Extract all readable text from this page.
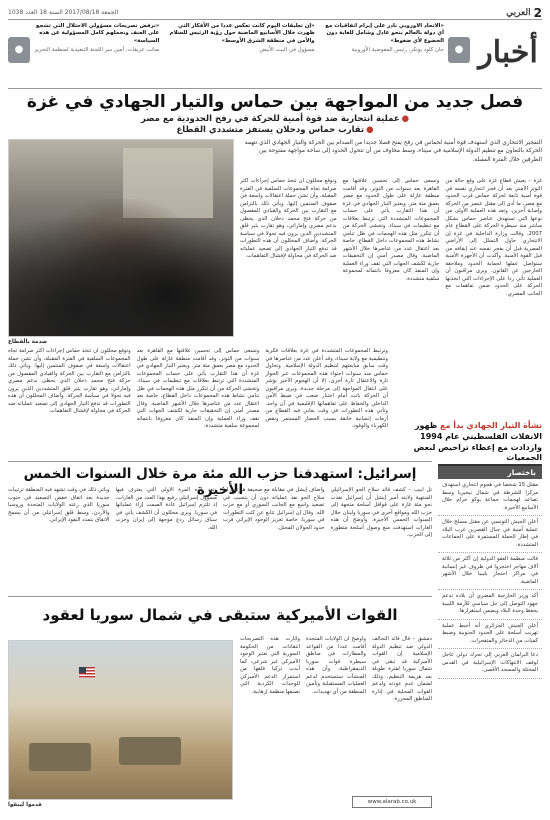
2
العربي
الجمعة 2017/08/18 السنة 18 العدد 1038
أخبار
●
«الاتحاد الاوروبي نادر على إبرام اتفاقيات مع أي دولة بالعالم بنحو عادل وشامل للغاية دون الخضوع لأي ضغوط»
جان كلود يونكر، رئيس المفوضية الأوروبية
«إن تعليقات اليوم كانت تعكس عددا من الأفكار التي ظهرت خلال الأسابيع الماضية حول رؤية الرئيس للسلام والأمن في منطقة الشرق الأوسط»
مسؤول في البيت الأبيض
«نرفض تصريحات مسؤولي الاحتلال التي تشجع على العنف ونحملهم كامل المسؤولية عن هذه السياسة»
صائب عريقات، أمين سر اللجنة التنفيذية لمنظمة التحرير
●
فصل جديد من المواجهة بين حماس والتيار الجهادي في غزة
●عملية انتحارية ضد قوة أمنية للحركة في رفح الحدودية مع مصر
●تقارب حماس ودحلان يستفز متشددي القطاع
التفجير الانتحاري الذي استهدف قوة أمنية لحماس في رفح يفتح فصلا جديدا من الصدام بين الحركة والتيار الجهادي الذي تتهمه الحركة بالتعاون مع تنظيم الدولة الإسلامية في سيناء، وسط مخاوف من أن تتحول الحدود إلى ساحة مواجهة مفتوحة بين الطرفين خلال الفترة المقبلة.
غزة – يعيش قطاع غزة على وقع حالة من التوتر الأمني بعد أن فجر انتحاري نفسه في قوة أمنية تابعة لحركة حماس قرب الحدود مع مصر، ما أدى إلى مقتل عنصر من الحركة وإصابة آخرين. وتعد هذه العملية الأولى من نوعها التي تستهدف عناصر حماس بشكل مباشر منذ سيطرة الحركة على القطاع عام 2007. وقالت وزارة الداخلية في غزة إن الانتحاري حاول التسلل إلى الأراضي المصرية قبل أن يفجر نفسه عند إيقافه من قبل القوة الأمنية. وأكدت أن الأجهزة الأمنية ستواصل عملها لحماية الحدود وملاحقة الخارجين عن القانون. ويرى مراقبون أن العملية تأتي ردا على الإجراءات التي اتخذتها الحركة على الحدود ضمن تفاهمات مع الجانب المصري.
وتسعى حماس إلى تحسين علاقتها مع القاهرة بعد سنوات من التوتر، وقد أقامت منطقة عازلة على طول الحدود مع مصر بعمق مئة متر. ويعتبر التيار الجهادي في غزة أن هذا التقارب يأتي على حساب المجموعات المتشددة التي ترتبط بعلاقات مع تنظيمات في سيناء. وتخشى الحركة من أن تتكرر مثل هذه الهجمات في ظل تنامي نشاط هذه المجموعات داخل القطاع، خاصة بعد اعتقال عدد من عناصرها خلال الأشهر الماضية. وقال مصدر أمني إن التحقيقات جارية لكشف الجهات التي تقف وراء العملية وإن المنفذ كان معروفا بانتمائه لمجموعة سلفية متشددة.
وتوقع محللون أن تتخذ حماس إجراءات أكثر صرامة تجاه المجموعات السلفية في الفترة المقبلة، وأن تشن حملة اعتقالات واسعة في صفوف المنتمين إليها. ويأتي ذلك بالتزامن مع التقارب بين الحركة والقيادي المفصول من حركة فتح محمد دحلان الذي يحظى بدعم مصري وإماراتي، وهو تقارب يثير قلق المتشددين الذين يرون فيه تحولا في سياسة الحركة. وأضاف المحللون أن هذه التطورات قد تدفع التيار الجهادي إلى تصعيد عملياته ضد الحركة في محاولة لإفشال التفاهمات.
صدمة بالقطاع
نشأة التيار الجهادي بدأ مع ظهور الانفلات الفلسطيني عام 1994 وازدادت مع إعطاء تراخيص لبعض الجمعيات
وترتبط المجموعات المتشددة في غزة بعلاقات فكرية وتنظيمية مع ولاية سيناء، وقد أعلن عدد من عناصرها في وقت سابق مبايعتهم لتنظيم الدولة الإسلامية. وتحاول حماس منذ سنوات احتواء هذه المجموعات عبر الحوار تارة والاعتقال تارة أخرى، إلا أن الهجوم الأخير يؤشر على انتقال المواجهة إلى مرحلة جديدة. ويرى مراقبون أن الحركة باتت أمام اختبار صعب في ضبط الأمن الداخلي والحفاظ على تفاهماتها الإقليمية في آن واحد. وتأتي هذه التطورات في وقت يعاني فيه القطاع من أزمات إنسانية خانقة بسبب الحصار المستمر ونقص الكهرباء والوقود.
وتسعى حماس إلى تحسين علاقتها مع القاهرة بعد سنوات من التوتر، وقد أقامت منطقة عازلة على طول الحدود مع مصر بعمق مئة متر. ويعتبر التيار الجهادي في غزة أن هذا التقارب يأتي على حساب المجموعات المتشددة التي ترتبط بعلاقات مع تنظيمات في سيناء. وتخشى الحركة من أن تتكرر مثل هذه الهجمات في ظل تنامي نشاط هذه المجموعات داخل القطاع، خاصة بعد اعتقال عدد من عناصرها خلال الأشهر الماضية. وقال مصدر أمني إن التحقيقات جارية لكشف الجهات التي تقف وراء العملية وإن المنفذ كان معروفا بانتمائه لمجموعة سلفية متشددة.
وتوقع محللون أن تتخذ حماس إجراءات أكثر صرامة تجاه المجموعات السلفية في الفترة المقبلة، وأن تشن حملة اعتقالات واسعة في صفوف المنتمين إليها. ويأتي ذلك بالتزامن مع التقارب بين الحركة والقيادي المفصول من حركة فتح محمد دحلان الذي يحظى بدعم مصري وإماراتي، وهو تقارب يثير قلق المتشددين الذين يرون فيه تحولا في سياسة الحركة. وأضاف المحللون أن هذه التطورات قد تدفع التيار الجهادي إلى تصعيد عملياته ضد الحركة في محاولة لإفشال التفاهمات.
باختصار
مقتل 15 شخصا في هجوم انتحاري استهدف مركزا للشرطة في شمال نيجيريا وسط تصاعد لهجمات جماعة بوكو حرام خلال الأسابيع الأخيرة.
أعلن الجيش التونسي عن مقتل مسلح خلال عملية أمنية في جبال القصرين غرب البلاد في إطار الحملة المستمرة على الجماعات المتشددة.
قالت منظمة العفو الدولية إن أكثر من ثلاثة آلاف مهاجر احتجزوا في ظروف غير إنسانية في مراكز احتجاز بليبيا خلال الأشهر الماضية.
أكد وزير الخارجية المصري أن بلاده تدعم جهود التوصل إلى حل سياسي للأزمة الليبية يحفظ وحدة البلاد ويضمن استقرارها.
أعلن الجيش الجزائري أنه أحبط عملية تهريب أسلحة على الحدود الجنوبية وضبط كميات من الذخائر والمتفجرات.
دعا البرلمان العربي إلى تحرك دولي عاجل لوقف الانتهاكات الإسرائيلية في القدس المحتلة والمسجد الأقصى.
إسرائيل: استهدفنا حزب الله مئة مرة خلال السنوات الخمس الأخيرة	تل أبيب – كشف قائد سلاح الجو الإسرائيلي المنتهية ولايته أمير إيشل أن إسرائيل نفذت نحو مئة غارة على قوافل أسلحة متجهة إلى حزب الله ومواقع أخرى في سوريا ولبنان خلال السنوات الخمس الأخيرة. وأوضح أن هذه الغارات استهدفت منع وصول أسلحة متطورة إلى الحزب.
وأضاف إيشل في مقابلة مع صحيفة هآرتس أن سلاح الجو نفذ عملياته دون أن يتسبب في تصعيد واسع مع الجانب السوري أو مع حزب الله. وقال إن إسرائيل تتابع عن كثب التطورات في سوريا، خاصة تعزيز الوجود الإيراني قرب حدود الجولان المحتل.
وتعد هذه المرة الأولى التي يعترف فيها مسؤول إسرائيلي رفيع بهذا العدد من الغارات، إذ تلتزم إسرائيل عادة الصمت إزاء عملياتها في سوريا. ويرى محللون أن الكشف يأتي في سياق رسائل ردع موجهة إلى إيران وحزب الله.
ويأتي ذلك في وقت تشهد فيه المنطقة ترتيبات جديدة بعد اتفاق خفض التصعيد في جنوب سوريا الذي رعته الولايات المتحدة وروسيا والأردن، وسط قلق إسرائيلي من أن يسمح الاتفاق بتمدد النفوذ الإيراني.
القوات الأميركية ستبقى في شمال سوريا لعقود
دمشق – قال قائد التحالف الدولي ضد تنظيم الدولة الإسلامية إن القوات الأميركية قد تبقى في شمال سوريا لفترة طويلة بعد هزيمة التنظيم، وذلك لضمان عدم عودته ولدعم القوات المحلية في إدارة المناطق المحررة.
وأوضح أن الولايات المتحدة أقامت عددا من القواعد والمطارات في مناطق سيطرة قوات سوريا الديمقراطية، وأن هذه المنشآت ستستخدم لدعم العمليات المستقبلية وتأمين المنطقة من أي تهديدات.
وأثارت هذه التصريحات انتقادات من الحكومة السورية التي تعتبر الوجود الأميركي غير شرعي، كما أبدت تركيا قلقها من استمرار الدعم الأميركي للوحدات الكردية التي تصنفها منظمة إرهابية.
قدموا ليبقوا	www.alarab.co.uk
